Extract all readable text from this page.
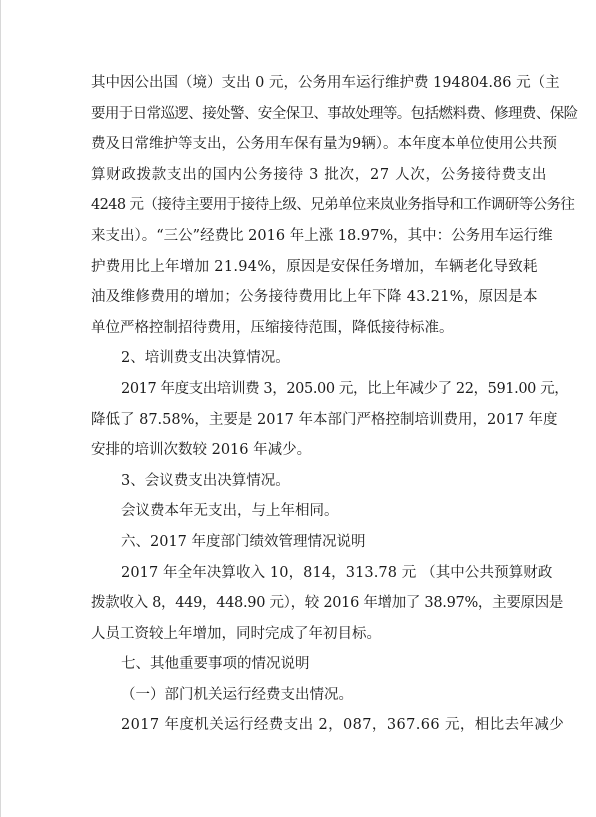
其中因公出国（境）支出 0 元，公务用车运行维护费 194804.86 元（主

要用于日常巡逻、接处警、安全保卫、事故处理等。包括燃料费、修理费、保险

费及日常维护等支出，公务用车保有量为9辆）。本年度本单位使用公共预

算财政拨款支出的国内公务接待 3 批次，27 人次，公务接待费支出

4248 元（接待主要用于接待上级、兄弟单位来岚业务指导和工作调研等公务往

来支出）。“三公”经费比 2016 年上涨 18.97%，其中：公务用车运行维

护费用比上年增加 21.94%，原因是安保任务增加，车辆老化导致耗

油及维修费用的增加；公务接待费用比上年下降 43.21%，原因是本

单位严格控制招待费用，压缩接待范围，降低接待标准。

2、培训费支出决算情况。

2017 年度支出培训费 3，205.00 元，比上年减少了 22，591.00 元，

降低了 87.58%，主要是 2017 年本部门严格控制培训费用，2017 年度

安排的培训次数较 2016 年减少。

3、会议费支出决算情况。

会议费本年无支出，与上年相同。

六、2017 年度部门绩效管理情况说明

2017 年全年决算收入 10，814，313.78 元 （其中公共预算财政

拨款收入 8，449，448.90 元），较 2016 年增加了 38.97%，主要原因是

人员工资较上年增加，同时完成了年初目标。

七、其他重要事项的情况说明

（一）部门机关运行经费支出情况。

2017 年度机关运行经费支出 2，087，367.66 元，相比去年减少
